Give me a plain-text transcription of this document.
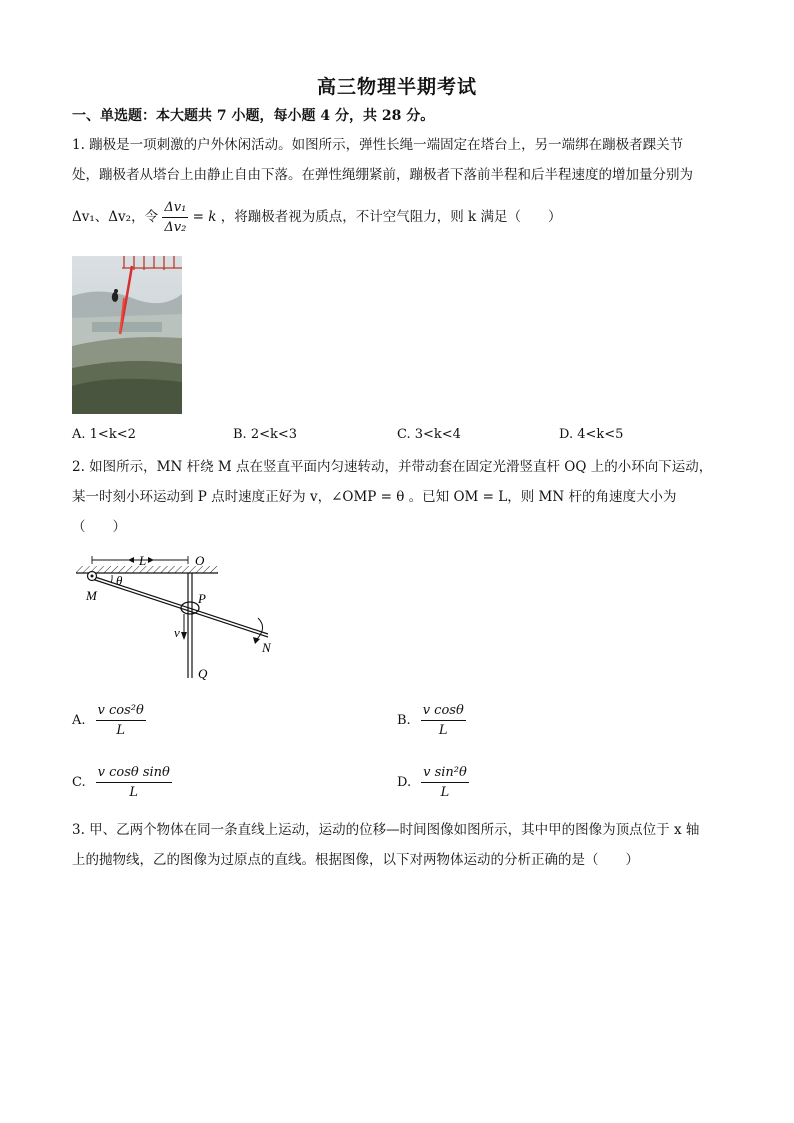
高三物理半期考试
一、单选题：本大题共 7 小题，每小题 4 分，共 28 分。
1. 蹦极是一项刺激的户外休闲活动。如图所示，弹性长绳一端固定在塔台上，另一端绑在蹦极者踝关节
处，蹦极者从塔台上由静止自由下落。在弹性绳绷紧前，蹦极者下落前半程和后半程速度的增加量分别为
Δv₁、Δv₂，令 $\frac{\text{Δv₁}}{\text{Δv₂}} = k$ ，将蹦极者视为质点，不计空气阻力，则 k 满足（　　）
A. 1<k<2	B. 2<k<3	C. 3<k<4	D. 4<k<5
2. 如图所示，MN 杆绕 M 点在竖直平面内匀速转动，并带动套在固定光滑竖直杆 OQ 上的小环向下运动，
某一时刻小环运动到 P 点时速度正好为 v，∠OMP = θ 。已知 OM = L，则 MN 杆的角速度大小为
（　　）
L	O
θ
M	P
v
N
Q
A. $\frac{\text{v cos²θ}}{L}$	B. $\frac{\text{v cosθ}}{L}$
C. $\frac{\text{v cosθ sinθ}}{L}$	D. $\frac{\text{v sin²θ}}{L}$
3. 甲、乙两个物体在同一条直线上运动，运动的位移—时间图像如图所示，其中甲的图像为顶点位于 x 轴
上的抛物线，乙的图像为过原点的直线。根据图像，以下对两物体运动的分析正确的是（　　）
